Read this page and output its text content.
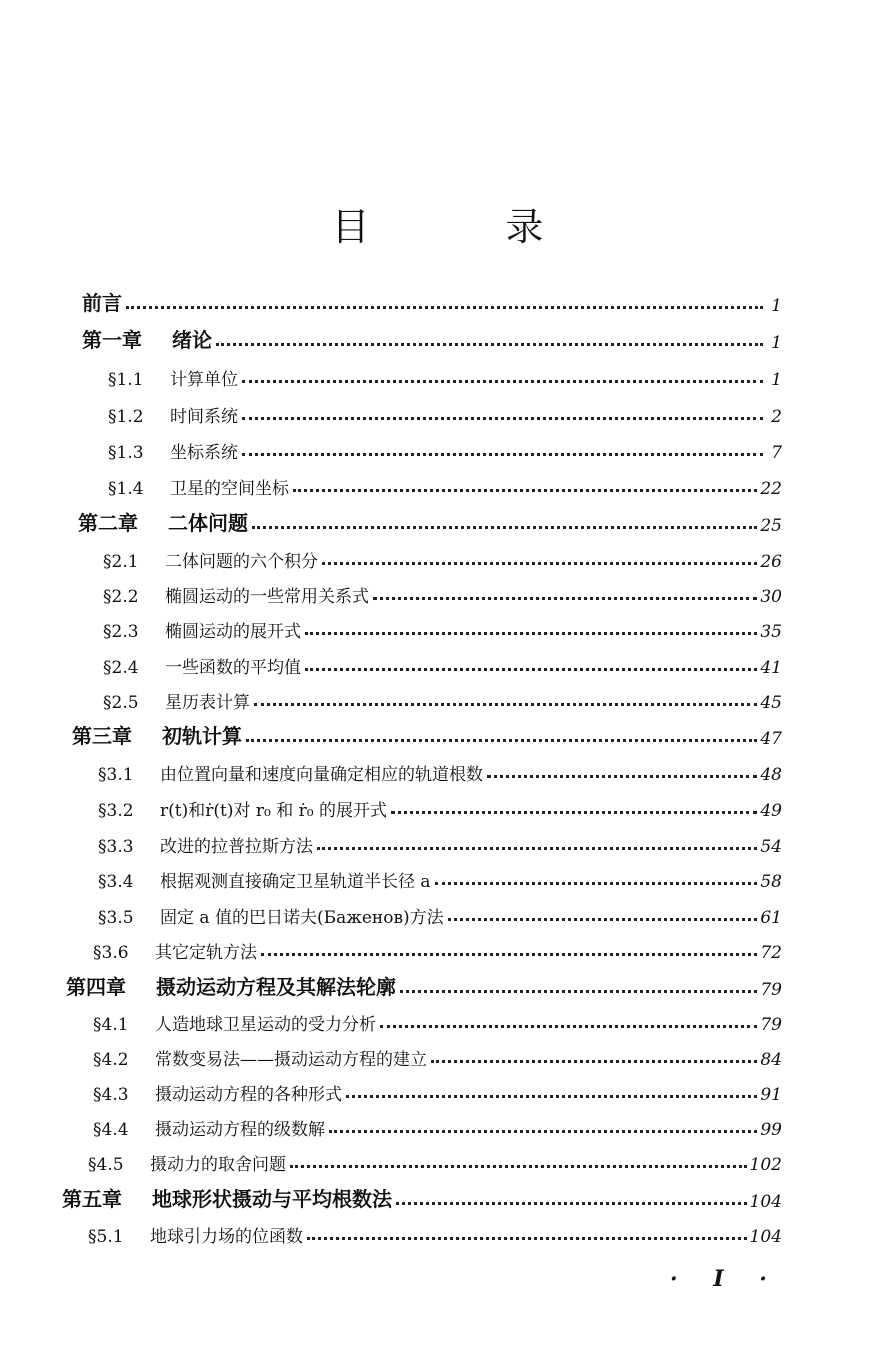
目 录
前言	1
第一章 绪论	1
§1.1	计算单位	1
§1.2	时间系统	2
§1.3	坐标系统	7
§1.4	卫星的空间坐标	22
第二章 二体问题	25
§2.1	二体问题的六个积分	26
§2.2	椭圆运动的一些常用关系式	30
§2.3	椭圆运动的展开式	35
§2.4	一些函数的平均值	41
§2.5	星历表计算	45
第三章 初轨计算	47
§3.1	由位置向量和速度向量确定相应的轨道根数	48
§3.2	r(t)和ṙ(t)对 r₀ 和 ṙ₀ 的展开式	49
§3.3	改进的拉普拉斯方法	54
§3.4	根据观测直接确定卫星轨道半长径 a	58
§3.5	固定 a 值的巴日诺夫(Баженов)方法	61
§3.6	其它定轨方法	72
第四章 摄动运动方程及其解法轮廓	79
§4.1	人造地球卫星运动的受力分析	79
§4.2	常数变易法——摄动运动方程的建立	84
§4.3	摄动运动方程的各种形式	91
§4.4	摄动运动方程的级数解	99
§4.5	摄动力的取舍问题	102
第五章 地球形状摄动与平均根数法	104
§5.1	地球引力场的位函数	104
· I ·
